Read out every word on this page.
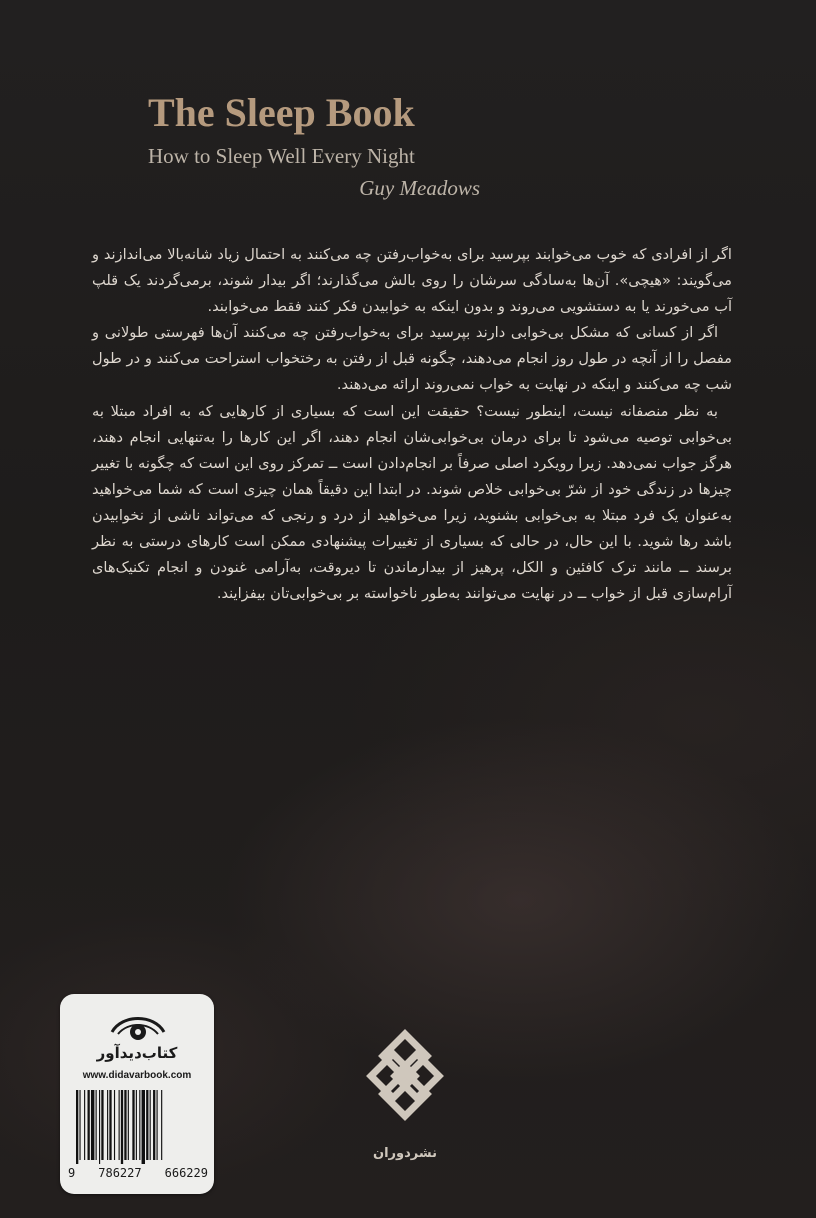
The Sleep Book
How to Sleep Well Every Night
Guy Meadows

اگر از افرادی که خوب می‌خوابند بپرسید برای به‌خواب‌رفتن چه می‌کنند به احتمال زیاد شانه‌بالا می‌اندازند و می‌گویند: «هیچی». آن‌ها به‌سادگی سرشان را روی بالش می‌گذارند؛ اگر بیدار شوند، برمی‌گردند یک قلپ آب می‌خورند یا به دستشویی می‌روند و بدون اینکه به خوابیدن فکر کنند فقط می‌خوابند.

اگر از کسانی که مشکل بی‌خوابی دارند بپرسید برای به‌خواب‌رفتن چه می‌کنند آن‌ها فهرستی طولانی و مفصل را از آنچه در طول روز انجام می‌دهند، چگونه قبل از رفتن به رختخواب استراحت می‌کنند و در طول شب چه می‌کنند و اینکه در نهایت به خواب نمی‌روند ارائه می‌دهند.

به نظر منصفانه نیست، اینطور نیست؟ حقیقت این است که بسیاری از کارهایی که به افراد مبتلا به بی‌خوابی توصیه می‌شود تا برای درمان بی‌خوابی‌شان انجام دهند، اگر این کارها را به‌تنهایی انجام دهند، هرگز جواب نمی‌دهد. زیرا رویکرد اصلی صرفاً بر انجام‌دادن است ــ تمرکز روی این است که چگونه با تغییر چیزها در زندگی خود از شرّ بی‌خوابی خلاص شوند. در ابتدا این دقیقاً همان چیزی است که شما می‌خواهید به‌عنوان یک فرد مبتلا به بی‌خوابی بشنوید، زیرا می‌خواهید از درد و رنجی که می‌تواند ناشی از نخوابیدن باشد رها شوید. با این حال، در حالی که بسیاری از تغییرات پیشنهادی ممکن است کارهای درستی به نظر برسند ــ مانند ترک کافئین و الکل، پرهیز از بیدارماندن تا دیروقت، به‌آرامی غنودن و انجام تکنیک‌های آرام‌سازی قبل از خواب ــ در نهایت می‌توانند به‌طور ناخواسته بر بی‌خوابی‌تان بیفزایند.

کتاب‌دیدآور
www.didavarbook.com
9 786227 666229
نشردوران
